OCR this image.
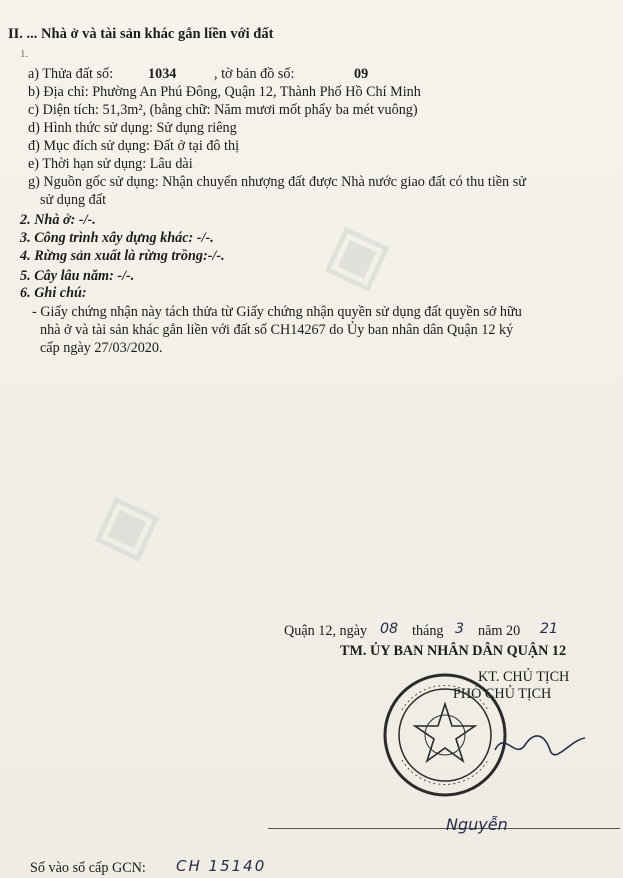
◈
◈
II. ... Nhà ở và tài sản khác gắn liền với đất
1.
a) Thửa đất số: 1034	, tờ bản đồ số:	09
b) Địa chỉ: Phường An Phú Đông, Quận 12, Thành Phố Hồ Chí Minh
c) Diện tích: 51,3m², (bằng chữ: Năm mươi mốt phẩy ba mét vuông)
d) Hình thức sử dụng: Sử dụng riêng
đ) Mục đích sử dụng: Đất ở tại đô thị
e) Thời hạn sử dụng: Lâu dài
g) Nguồn gốc sử dụng: Nhận chuyển nhượng đất được Nhà nước giao đất có thu tiền sử
sử dụng đất
2. Nhà ở: -/-.
3. Công trình xây dựng khác: -/-.
4. Rừng sản xuất là rừng trồng:-/-.
5. Cây lâu năm: -/-.
6. Ghi chú:
- Giấy chứng nhận này tách thửa từ Giấy chứng nhận quyền sử dụng đất quyền sở hữu
nhà ở và tài sản khác gắn liền với đất số CH14267 do Ủy ban nhân dân Quận 12 ký
cấp ngày 27/03/2020.
Quận 12, ngày 08 tháng 3 năm 20 21
TM. ỦY BAN NHÂN DÂN QUẬN 12
KT. CHỦ TỊCH
PHÓ CHỦ TỊCH
Nguyễn
Số vào sổ cấp GCN: CH 15140
